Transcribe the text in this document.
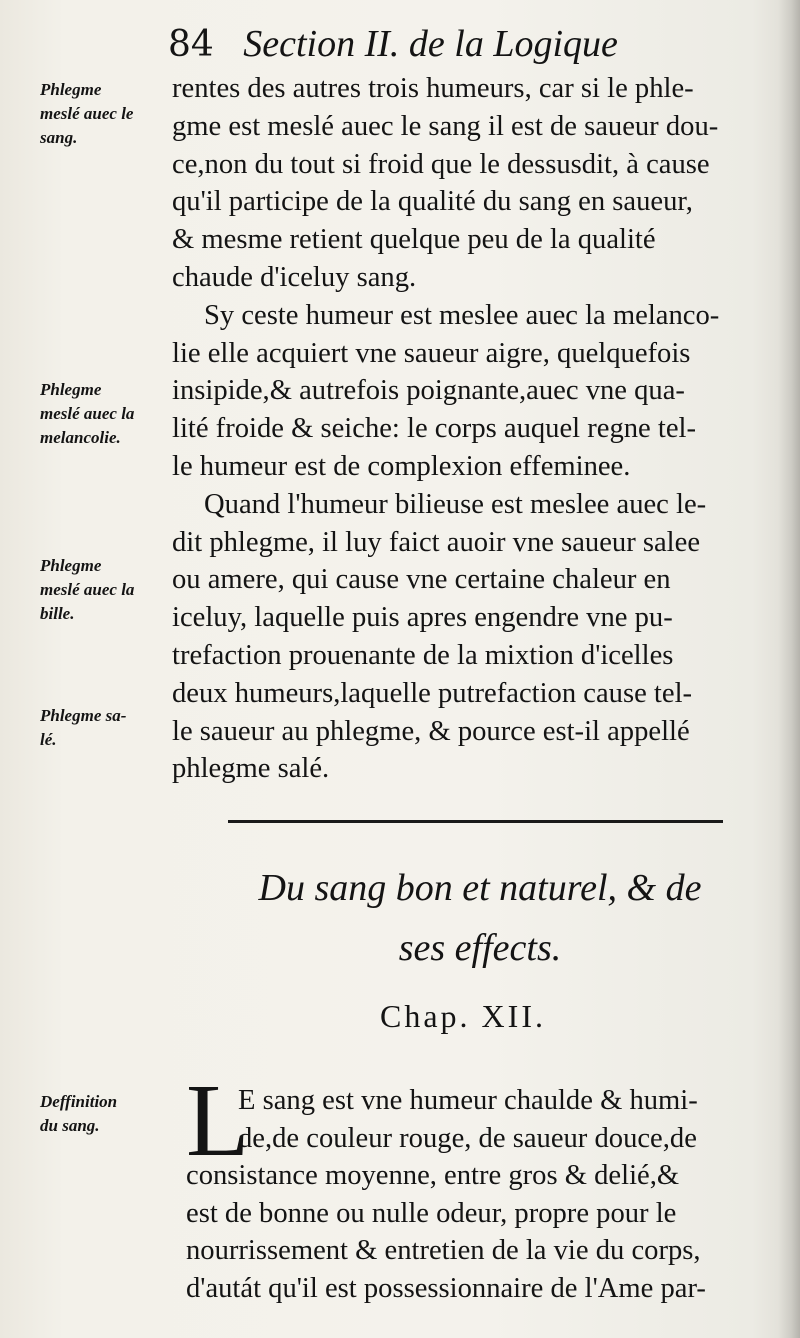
84 Section II. de la Logique
Phlegme
meslé auec le
sang.
Phlegme
meslé auec la
melancolie.
Phlegme
meslé auec la
bille.
Phlegme sa-
lé.
Deffinition
du sang.
rentes des autres trois humeurs, car si le phle-
gme est meslé auec le sang il est de saueur dou-
ce,non du tout si froid que le dessusdit, à cause
qu'il participe de la qualité du sang en saueur,
& mesme retient quelque peu de la qualité
chaude d'iceluy sang.
Sy ceste humeur est meslee auec la melanco-
lie elle acquiert vne saueur aigre, quelquefois
insipide,& autrefois poignante,auec vne qua-
lité froide & seiche: le corps auquel regne tel-
le humeur est de complexion effeminee.
Quand l'humeur bilieuse est meslee auec le-
dit phlegme, il luy faict auoir vne saueur salee
ou amere, qui cause vne certaine chaleur en
iceluy, laquelle puis apres engendre vne pu-
trefaction prouenante de la mixtion d'icelles
deux humeurs,laquelle putrefaction cause tel-
le saueur au phlegme, & pource est-il appellé
phlegme salé.
Du sang bon et naturel, & de
ses effects.
Chap. XII.
L
E sang est vne humeur chaulde & humi-
de,de couleur rouge, de saueur douce,de
consistance moyenne, entre gros & delié,&
est de bonne ou nulle odeur, propre pour le
nourrissement & entretien de la vie du corps,
d'autát qu'il est possessionnaire de l'Ame par-
